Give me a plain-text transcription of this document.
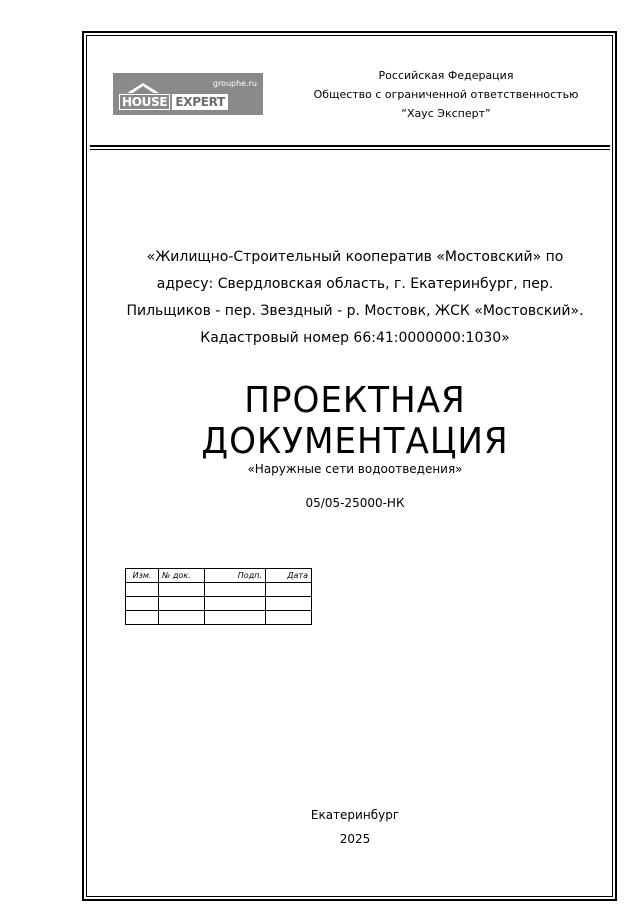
grouphe.ru
HOUSE EXPERT
Российская Федерация
Общество с ограниченной ответственностью
“Хаус Эксперт”
«Жилищно-Строительный кооператив «Мостовский» по
адресу: Свердловская область, г. Екатеринбург, пер.
Пильщиков - пер. Звездный - р. Мостовк, ЖСК «Мостовский».
Кадастровый номер 66:41:0000000:1030»
ПРОЕКТНАЯ ДОКУМЕНТАЦИЯ
«Наружные сети водоотведения»
05/05-25000-НК
Изм.	№ док.	Подп.	Дата

Екатеринбург
2025
